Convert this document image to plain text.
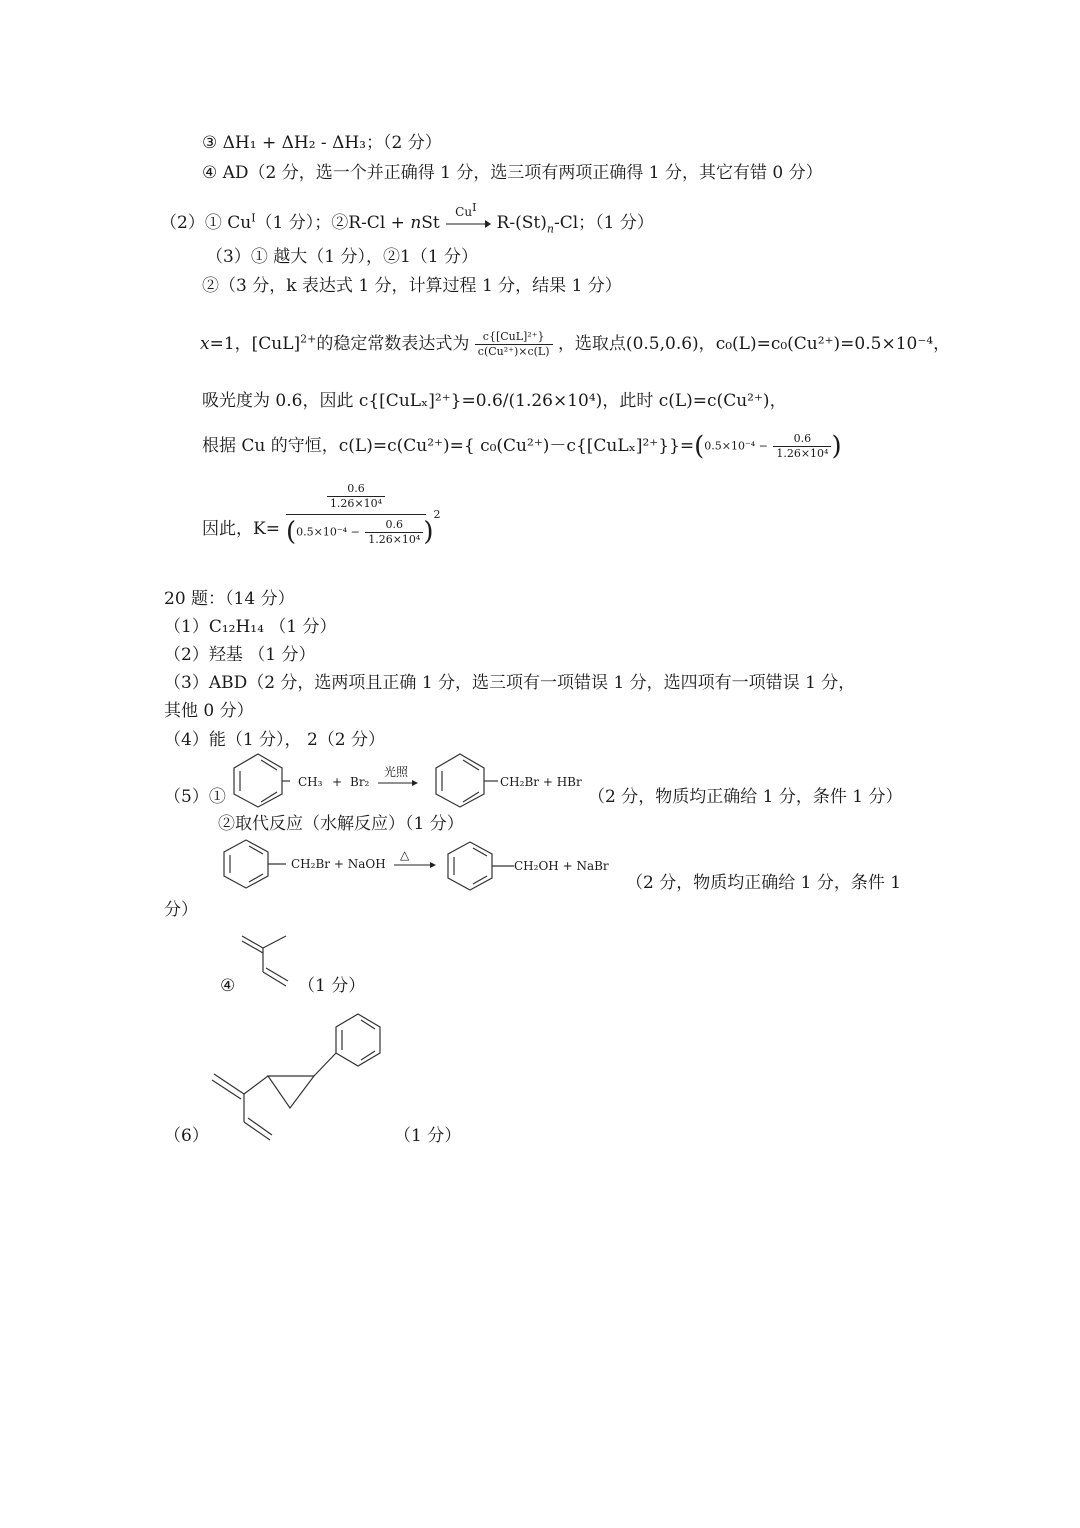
③ ΔH₁ + ΔH₂ - ΔH₃；（2 分）
④ AD（2 分，选一个并正确得 1 分，选三项有两项正确得 1 分，其它有错 0 分）
（2）① $Cu^I(1$ 分）；②R-Cl + nSt
$Cu^I$
$R-(St)_n-Cl$；（1 分）
（3）① 越大（1 分），②1（1 分）
②（3 分，k 表达式 1 分，计算过程 1 分，结果 1 分）
x=1，[CuL]$^{2+}$的稳定常数表达式为 $\frac{\text{c\{[CuL]²⁺\}}}{\text{c(Cu²⁺)×c(L)}}$ ，选取点(0.5,0.6)，c₀(L)=c₀(Cu²⁺)=0.5×10⁻⁴，
吸光度为 0.6，因此 c{[CuLₓ]²⁺}=0.6/(1.26×10⁴)，此时 c(L)=c(Cu²⁺)，
根据 Cu 的守恒，c(L)=c(Cu²⁺)={ $c_0(Cu^{2+})-c\{[CuL_x]^{2+}\}\}=(0.5\times 10^{-4} - \frac{0.6}{\text{1.26×10⁴}}$ )
因此，K=
$\frac{0.6}{\text{1.26×10⁴}}$
$(0.5\times 10^{-4} - \frac{0.6}{\text{1.26×10⁴}} )^2$
20 题：（14 分）
（1）C₁₂H₁₄ （1 分）
（2）羟基 （1 分）
（3）ABD（2 分，选两项且正确 1 分，选三项有一项错误 1 分，选四项有一项错误 1 分，
其他 0 分）
（4）能（1 分）， 2（2 分）
（5）①
CH₃ + Br₂
光照
CH₂Br + HBr
（2 分，物质均正确给 1 分，条件 1 分）
②取代反应（水解反应）（1 分）
CH₂Br + NaOH
△
CH₂OH + NaBr
（2 分，物质均正确给 1 分，条件 1
分）
④	（1 分）
（6）	（1 分）
